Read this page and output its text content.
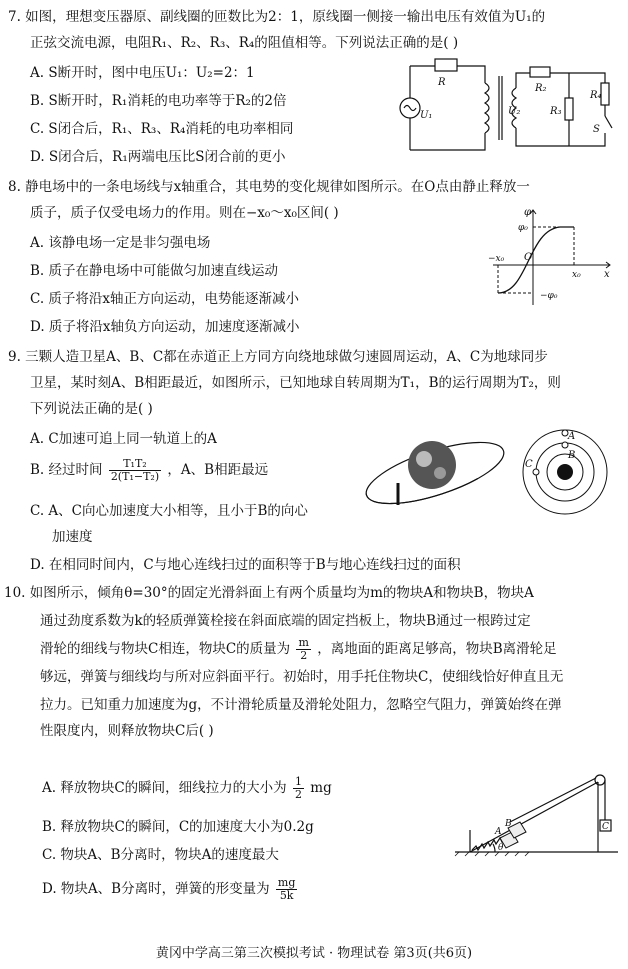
7. 如图，理想变压器原、副线圈的匝数比为2：1，原线圈一侧接一输出电压有效值为U₁的
正弦交流电源，电阻R₁、R₂、R₃、R₄的阻值相等。下列说法正确的是( )
A. S断开时，图中电压U₁：U₂=2：1
B. S断开时，R₁消耗的电功率等于R₂的2倍
C. S闭合后，R₁、R₃、R₄消耗的电功率相同
D. S闭合后，R₁两端电压比S闭合前的更小
R
U₁	U₂
R₂
R₃
R₄
S
8. 静电场中的一条电场线与x轴重合，其电势的变化规律如图所示。在O点由静止释放一
质子，质子仅受电场力的作用。则在−x₀～x₀区间( )
A. 该静电场一定是非匀强电场
B. 质子在静电场中可能做匀加速直线运动
C. 质子将沿x轴正方向运动，电势能逐渐减小
D. 质子将沿x轴负方向运动，加速度逐渐减小
φ
φ₀
−x₀ O
x₀ x
−φ₀
9. 三颗人造卫星A、B、C都在赤道正上方同方向绕地球做匀速圆周运动，A、C为地球同步
卫星，某时刻A、B相距最近，如图所示，已知地球自转周期为T₁，B的运行周期为T₂，则
下列说法正确的是( )
A. C加速可追上同一轨道上的A
B. 经过时间 $\frac{\text{T₁T₂}}{\text{2(T₁−T₂)}}$ ，A、B相距最远
C. A、C向心加速度大小相等，且小于B的向心
加速度
D. 在相同时间内，C与地心连线扫过的面积等于B与地心连线扫过的面积
A
B
C
10. 如图所示，倾角θ=30°的固定光滑斜面上有两个质量均为m的物块A和物块B，物块A
通过劲度系数为k的轻质弹簧栓接在斜面底端的固定挡板上，物块B通过一根跨过定
滑轮的细线与物块C相连，物块C的质量为 $\frac{m}{2}$ ，离地面的距离足够高，物块B离滑轮足
够远，弹簧与细线均与所对应斜面平行。初始时，用手托住物块C，使细线恰好伸直且无
拉力。已知重力加速度为g，不计滑轮质量及滑轮处阻力，忽略空气阻力，弹簧始终在弹
性限度内，则释放物块C后( )
A. 释放物块C的瞬间，细线拉力的大小为 $\frac{1}{2}$ mg
B. 释放物块C的瞬间，C的加速度大小为0.2g
C. 物块A、B分离时，物块A的速度最大
D. 物块A、B分离时，弹簧的形变量为 $\frac{mg}{5k}$
A
B	C
θ
黄冈中学高三第三次模拟考试 · 物理试卷 第3页(共6页)
